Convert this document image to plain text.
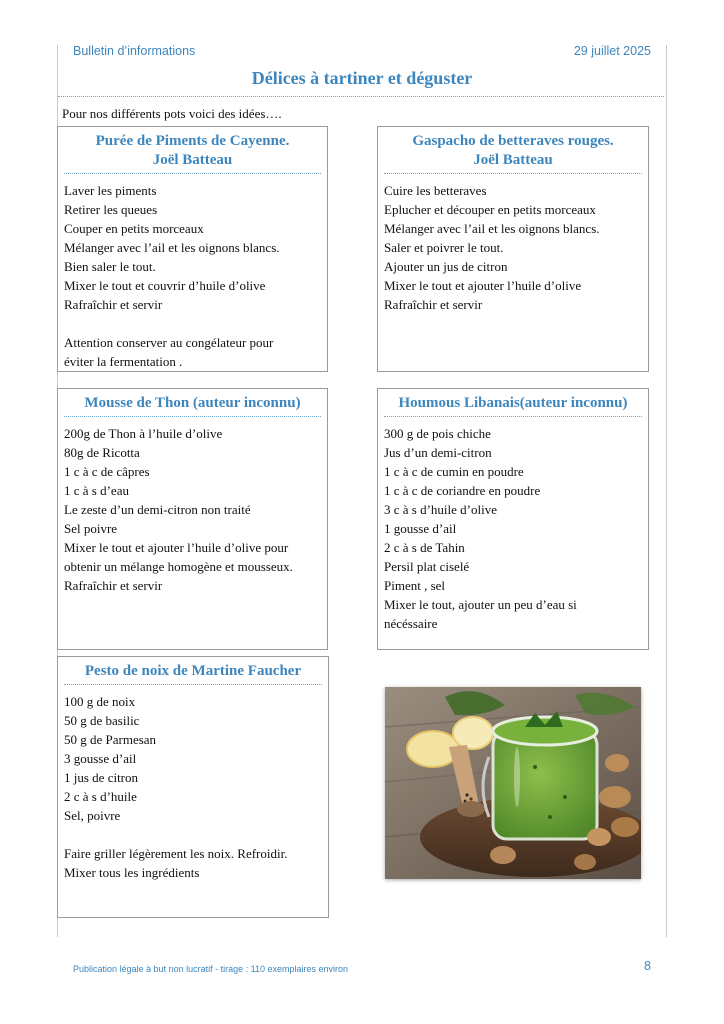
Bulletin d’informations	29 juillet 2025
Délices à tartiner et déguster
Pour nos différents pots voici des idées….
Purée de Piments de Cayenne.
Joël Batteau
Laver les piments
Retirer les queues
Couper en petits morceaux
Mélanger avec l’ail et les oignons blancs.
Bien saler le tout.
Mixer le tout et couvrir d’huile d’olive
Rafraîchir et servir
Attention conserver au congélateur pour
éviter la fermentation .
Gaspacho de betteraves rouges.
Joël Batteau
Cuire les betteraves
Eplucher et découper en petits morceaux
Mélanger avec l’ail et les oignons blancs.
Saler et poivrer le tout.
Ajouter un jus de citron
Mixer le tout et ajouter l’huile d’olive
Rafraîchir et servir
Mousse de Thon (auteur inconnu)
200g de Thon à l’huile d’olive
80g de Ricotta
1 c à c de câpres
1 c à s d’eau
Le zeste d’un demi-citron non traité
Sel poivre
Mixer le tout et ajouter l’huile d’olive pour
obtenir un mélange homogène et mousseux.
Rafraîchir et servir
Houmous Libanais(auteur inconnu)
300 g de pois chiche
Jus d’un demi-citron
1 c à c de cumin en poudre
1 c à c de coriandre en poudre
3 c à s d’huile d’olive
1 gousse d’ail
2 c à s de Tahin
Persil plat ciselé
Piment , sel
Mixer le tout, ajouter un peu d’eau si
nécéssaire
Pesto de noix de Martine Faucher
100 g de noix
50 g de basilic
50 g de Parmesan
3 gousse d’ail
1 jus de citron
2 c à s d’huile
Sel, poivre
Faire griller légèrement les noix. Refroidir.
Mixer tous les ingrédients
Publication légale à but non lucratif - tirage : 110 exemplaires environ	8
